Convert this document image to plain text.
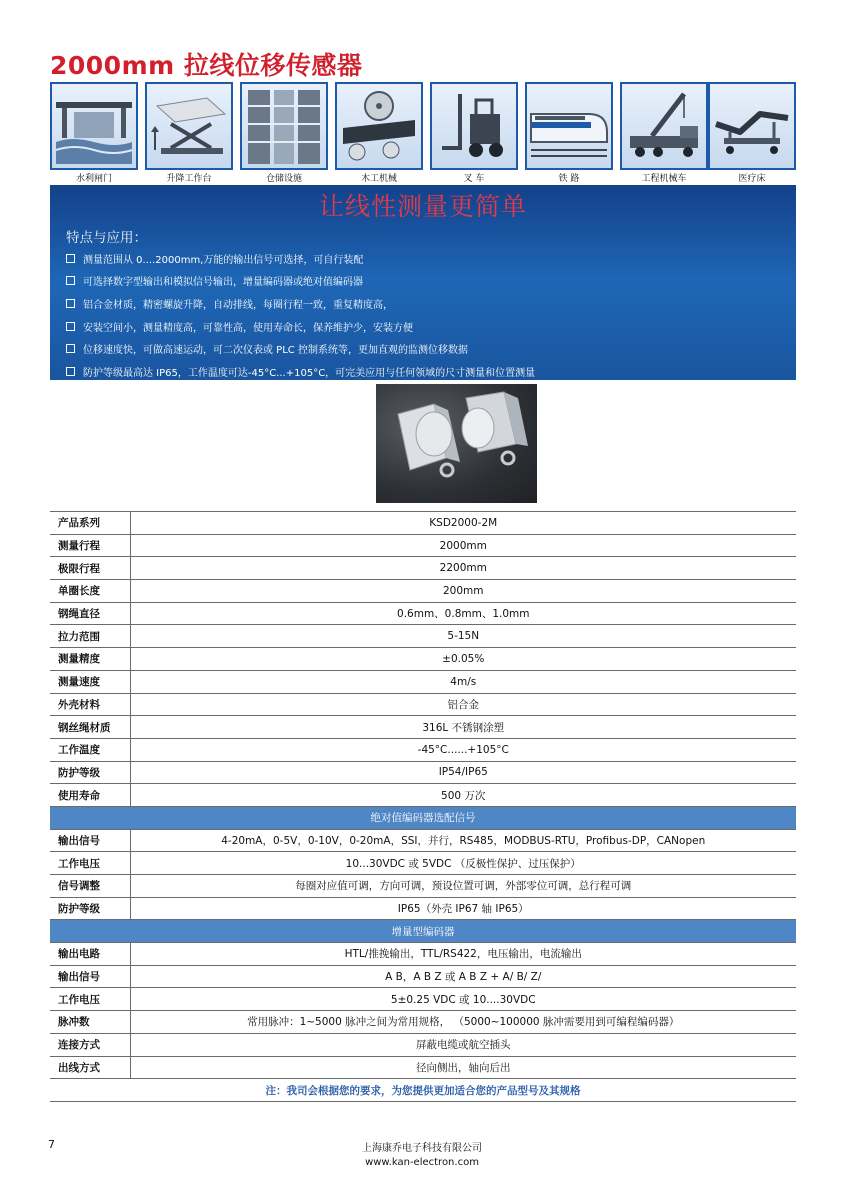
2000mm 拉线位移传感器
水利闸门	升降工作台	仓储设施	木工机械	叉 车	铁 路	工程机械车	医疗床
让线性测量更简单
特点与应用：
测量范围从 0....2000mm,万能的输出信号可选择，可自行装配
可选择数字型输出和模拟信号输出，增量编码器或绝对值编码器
铝合金材质，精密螺旋升降，自动排线，每圈行程一致，重复精度高，
安装空间小，测量精度高，可靠性高，使用寿命长，保养维护少，安装方便
位移速度快，可做高速运动，可二次仪表或 PLC 控制系统等，更加直观的监测位移数据
防护等级最高达 IP65，工作温度可达-45°C...+105°C，可完美应用与任何领域的尺寸测量和位置测量
产品系列	KSD2000-2M
测量行程	2000mm
极限行程	2200mm
单圈长度	200mm
钢绳直径	0.6mm、0.8mm、1.0mm
拉力范围	5-15N
测量精度	±0.05%
测量速度	4m/s
外壳材料	铝合金
钢丝绳材质	316L 不锈钢涂塑
工作温度	-45°C......+105°C
防护等级	IP54/IP65
使用寿命	500 万次
绝对值编码器选配信号	
输出信号	4-20mA，0-5V，0-10V，0-20mA，SSI，并行，RS485，MODBUS-RTU，Profibus-DP，CANopen
工作电压	10...30VDC 或 5VDC （反极性保护、过压保护）
信号调整	每圈对应值可调，方向可调，预设位置可调，外部零位可调，总行程可调
防护等级	IP65（外壳 IP67 轴 IP65）
增量型编码器	
输出电路	HTL/推挽输出，TTL/RS422，电压输出，电流输出
输出信号	A B，A B Z 或 A B Z + A/ B/ Z/
工作电压	5±0.25 VDC 或 10....30VDC
脉冲数	常用脉冲：1~5000 脉冲之间为常用规格， （5000~100000 脉冲需要用到可编程编码器）
连接方式	屏蔽电缆或航空插头
出线方式	径向侧出，轴向后出
注：我司会根据您的要求，为您提供更加适合您的产品型号及其规格	
7	上海康乔电子科技有限公司
www.kan-electron.com
